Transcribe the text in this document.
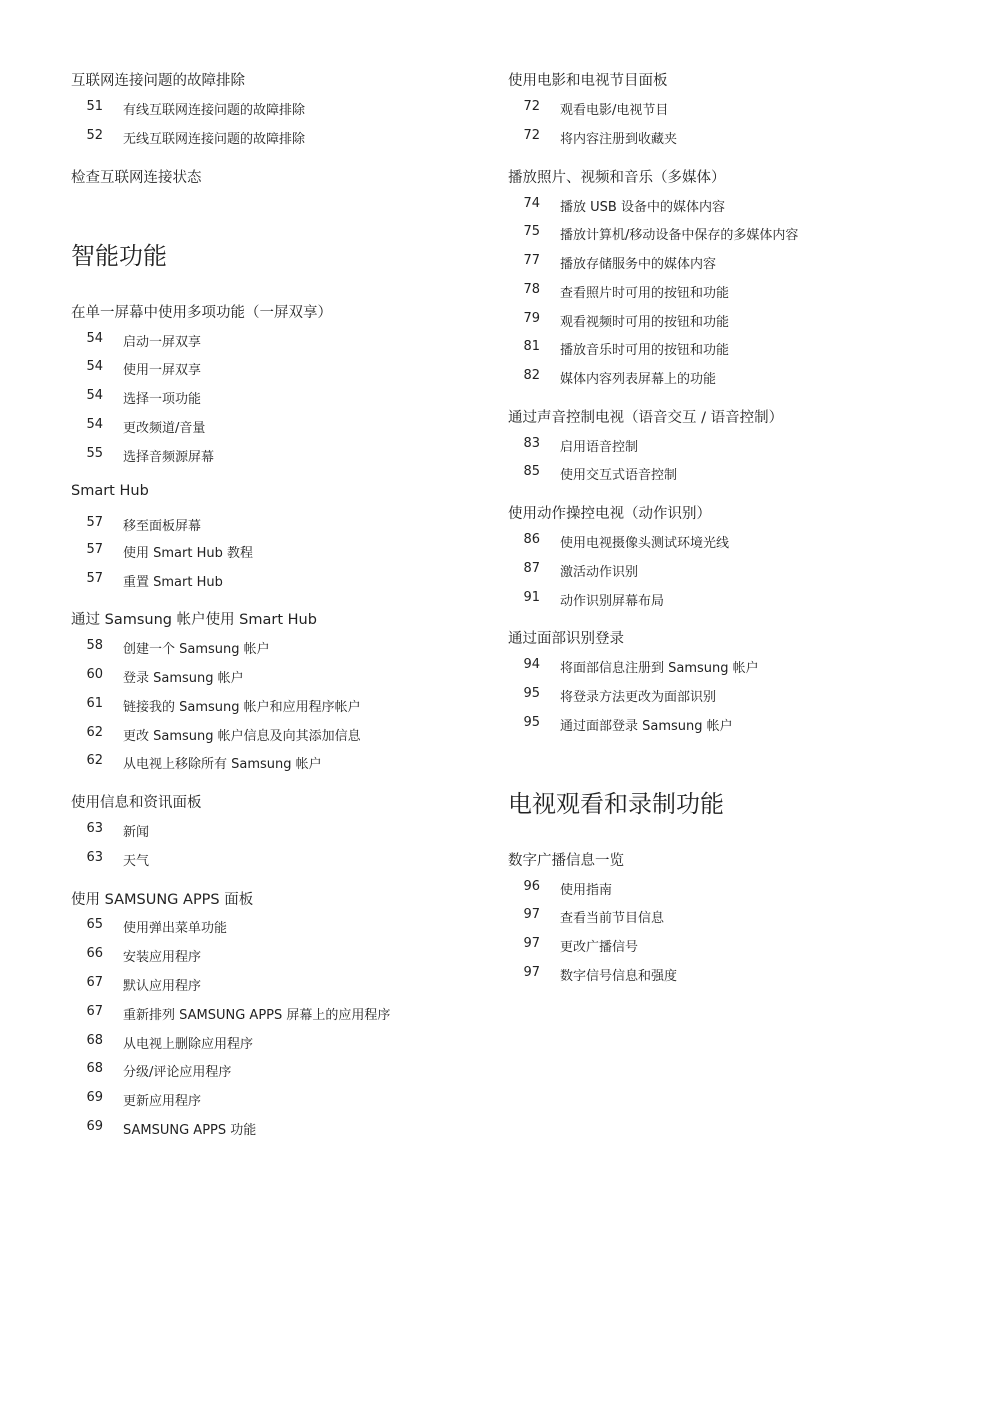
互联网连接问题的故障排除
51 有线互联网连接问题的故障排除
52 无线互联网连接问题的故障排除
检查互联网连接状态
智能功能
在单一屏幕中使用多项功能（一屏双享）
54 启动一屏双享
54 使用一屏双享
54 选择一项功能
54 更改频道/音量
55 选择音频源屏幕
Smart Hub
57 移至面板屏幕
57 使用 Smart Hub 教程
57 重置 Smart Hub
通过 Samsung 帐户使用 Smart Hub
58 创建一个 Samsung 帐户
60 登录 Samsung 帐户
61 链接我的 Samsung 帐户和应用程序帐户
62 更改 Samsung 帐户信息及向其添加信息
62 从电视上移除所有 Samsung 帐户
使用信息和资讯面板
63 新闻
63 天气
使用 SAMSUNG APPS 面板
65 使用弹出菜单功能
66 安装应用程序
67 默认应用程序
67 重新排列 SAMSUNG APPS 屏幕上的应用程序
68 从电视上删除应用程序
68 分级/评论应用程序
69 更新应用程序
69 SAMSUNG APPS 功能
使用电影和电视节目面板
72 观看电影/电视节目
72 将内容注册到收藏夹
播放照片、视频和音乐（多媒体）
74 播放 USB 设备中的媒体内容
75 播放计算机/移动设备中保存的多媒体内容
77 播放存储服务中的媒体内容
78 查看照片时可用的按钮和功能
79 观看视频时可用的按钮和功能
81 播放音乐时可用的按钮和功能
82 媒体内容列表屏幕上的功能
通过声音控制电视（语音交互 / 语音控制）
83 启用语音控制
85 使用交互式语音控制
使用动作操控电视（动作识别）
86 使用电视摄像头测试环境光线
87 激活动作识别
91 动作识别屏幕布局
通过面部识别登录
94 将面部信息注册到 Samsung 帐户
95 将登录方法更改为面部识别
95 通过面部登录 Samsung 帐户
电视观看和录制功能
数字广播信息一览
96 使用指南
97 查看当前节目信息
97 更改广播信号
97 数字信号信息和强度
